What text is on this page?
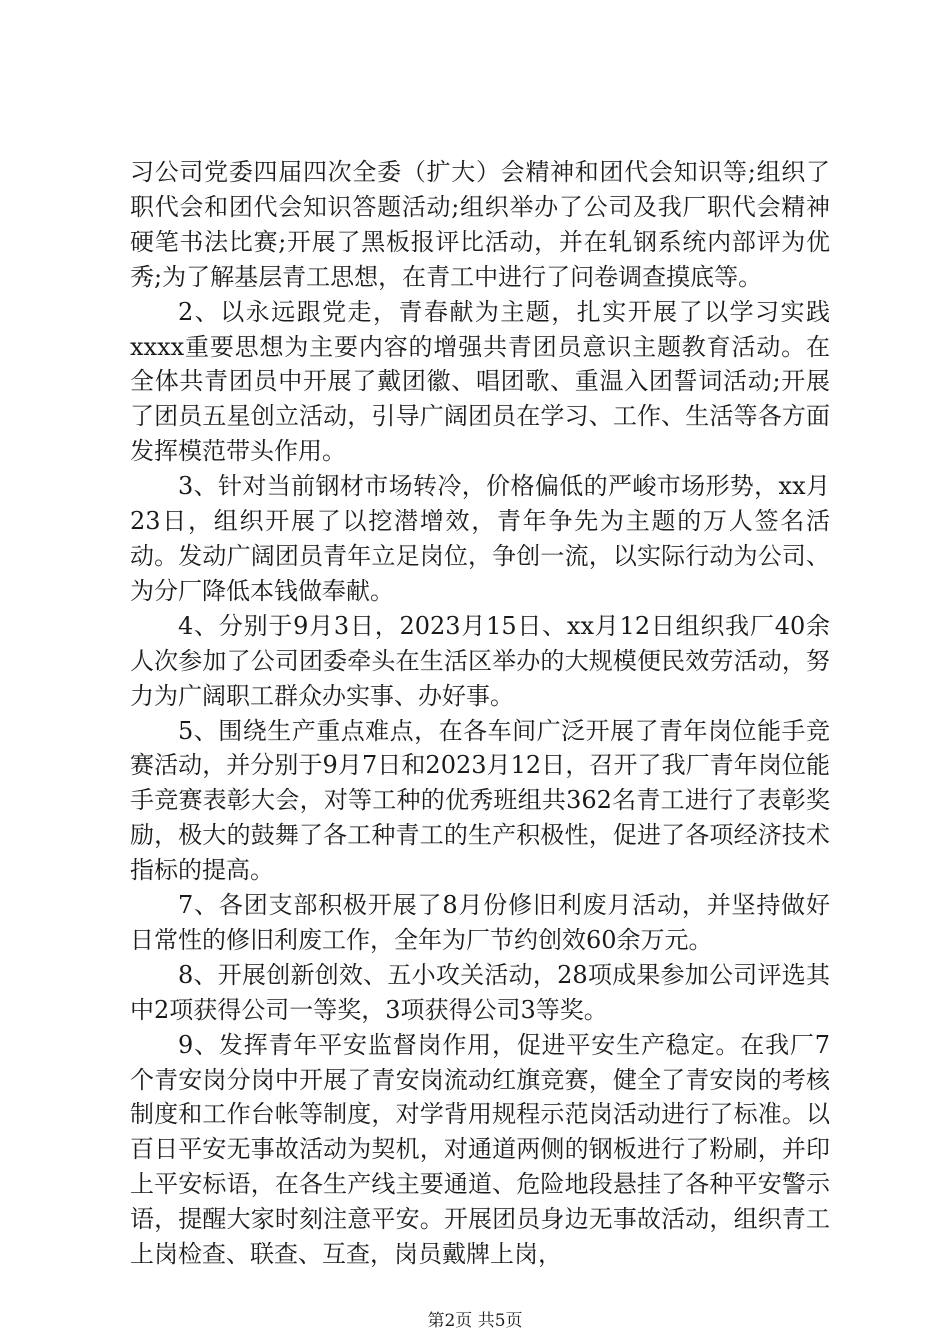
习公司党委四届四次全委（扩大）会精神和团代会知识等;组织了职代会和团代会知识答题活动;组织举办了公司及我厂职代会精神硬笔书法比赛;开展了黑板报评比活动，并在轧钢系统内部评为优秀;为了解基层青工思想，在青工中进行了问卷调查摸底等。

2、以永远跟党走，青春献为主题，扎实开展了以学习实践xxxx重要思想为主要内容的增强共青团员意识主题教育活动。在全体共青团员中开展了戴团徽、唱团歌、重温入团誓词活动;开展了团员五星创立活动，引导广阔团员在学习、工作、生活等各方面发挥模范带头作用。

3、针对当前钢材市场转冷，价格偏低的严峻市场形势，xx月23日，组织开展了以挖潜增效，青年争先为主题的万人签名活动。发动广阔团员青年立足岗位，争创一流，以实际行动为公司、为分厂降低本钱做奉献。

4、分别于9月3日，2023月15日、xx月12日组织我厂40余人次参加了公司团委牵头在生活区举办的大规模便民效劳活动，努力为广阔职工群众办实事、办好事。

5、围绕生产重点难点，在各车间广泛开展了青年岗位能手竞赛活动，并分别于9月7日和2023月12日，召开了我厂青年岗位能手竞赛表彰大会，对等工种的优秀班组共362名青工进行了表彰奖励，极大的鼓舞了各工种青工的生产积极性，促进了各项经济技术指标的提高。

7、各团支部积极开展了8月份修旧利废月活动，并坚持做好日常性的修旧利废工作，全年为厂节约创效60余万元。

8、开展创新创效、五小攻关活动，28项成果参加公司评选其中2项获得公司一等奖，3项获得公司3等奖。

9、发挥青年平安监督岗作用，促进平安生产稳定。在我厂7个青安岗分岗中开展了青安岗流动红旗竞赛，健全了青安岗的考核制度和工作台帐等制度，对学背用规程示范岗活动进行了标准。以百日平安无事故活动为契机，对通道两侧的钢板进行了粉刷，并印上平安标语，在各生产线主要通道、危险地段悬挂了各种平安警示语，提醒大家时刻注意平安。开展团员身边无事故活动，组织青工上岗检查、联查、互查，岗员戴牌上岗，

第2页 共5页
